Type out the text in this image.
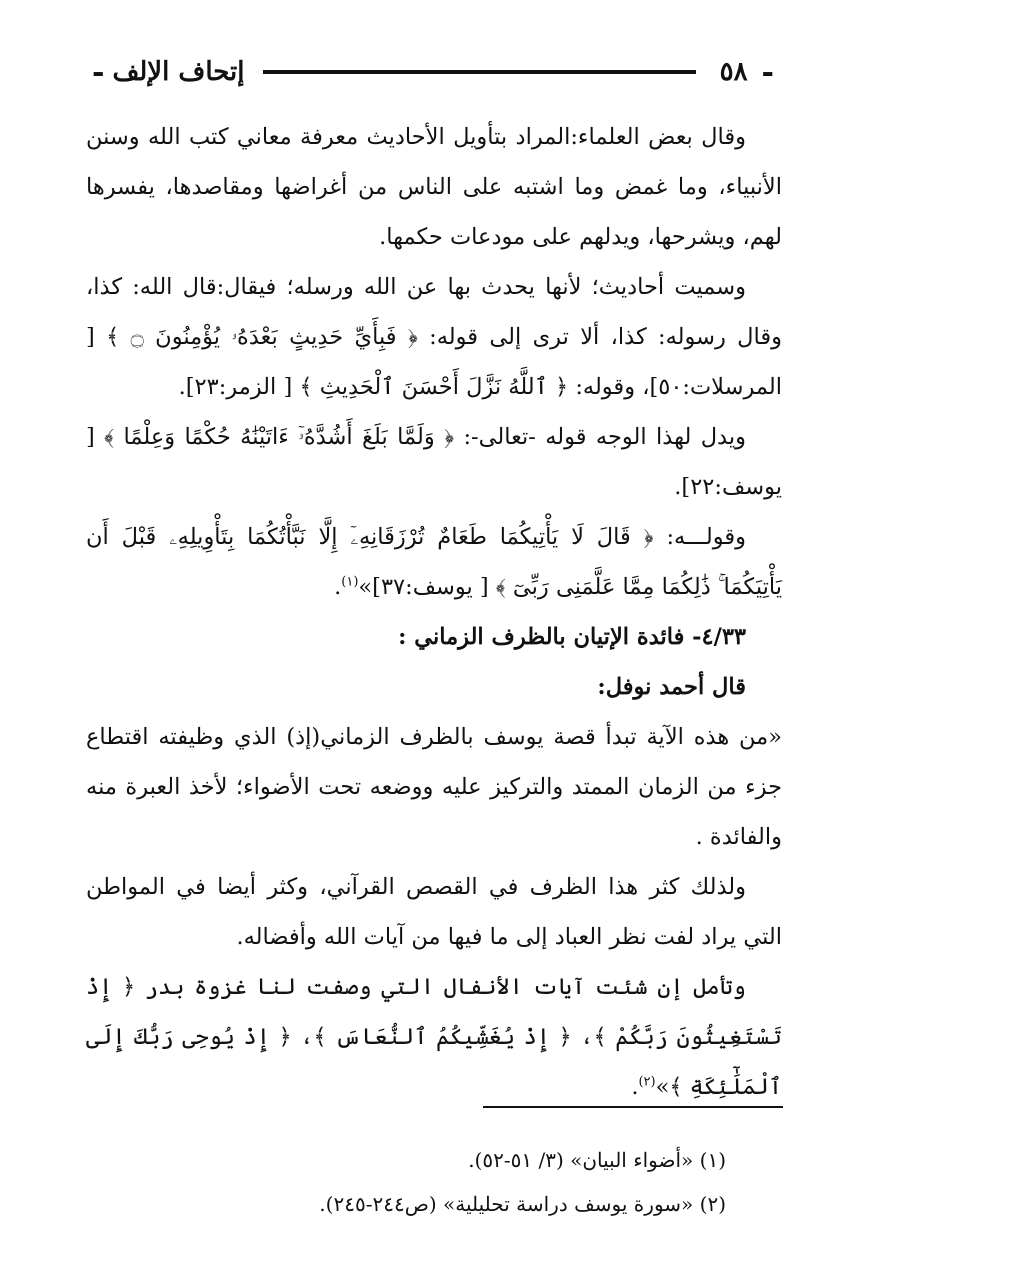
-
٥٨
إتحاف الإلف
-

وقال بعض العلماء:المراد بتأويل الأحاديث معرفة معاني كتب الله وسنن الأنبياء، وما غمض وما اشتبه على الناس من أغراضها ومقاصدها، يفسرها لهم، ويشرحها، ويدلهم على مودعات حكمها.

وسميت أحاديث؛ لأنها يحدث بها عن الله ورسله؛ فيقال:قال الله: كذا، وقال رسوله: كذا، ألا ترى إلى قوله: ﴿ فَبِأَيِّ حَدِيثٍ بَعْدَهُۥ يُؤْمِنُونَ ۝ ﴾ [ المرسلات:٥٠]، وقوله: ﴿ ٱللَّهُ نَزَّلَ أَحْسَنَ ٱلْحَدِيثِ ﴾ [ الزمر:٢٣].

ويدل لهذا الوجه قوله -تعالى-: ﴿ وَلَمَّا بَلَغَ أَشُدَّهُۥٓ ءَاتَيْنَٰهُ حُكْمًا وَعِلْمًا ﴾ [ يوسف:٢٢].

وقولـــه: ﴿ قَالَ لَا يَأْتِيكُمَا طَعَامٌ تُرْزَقَانِهِۦٓ إِلَّا نَبَّأْتُكُمَا بِتَأْوِيلِهِۦ قَبْلَ أَن يَأْتِيَكُمَا ۚ ذَٰلِكُمَا مِمَّا عَلَّمَنِى رَبِّىٓ ﴾ [ يوسف:٣٧]»$^{(١)}$.

٤/٣٣- فائدة الإتيان بالظرف الزماني :

قال أحمد نوفل:

«من هذه الآية تبدأ قصة يوسف بالظرف الزماني(إذ) الذي وظيفته اقتطاع جزء من الزمان الممتد والتركيز عليه ووضعه تحت الأضواء؛ لأخذ العبرة منه والفائدة .

ولذلك كثر هذا الظرف في القصص القرآني، وكثر أيضا في المواطن التي يراد لفت نظر العباد إلى ما فيها من آيات الله وأفضاله.

وتأمل إن شئت آيات الأنفال التي وصفت لنا غزوة بدر ﴿ إِذْ تَسْتَغِيثُونَ رَبَّكُمْ ﴾، ﴿ إِذْ يُغَشِّيكُمُ ٱلنُّعَاسَ ﴾، ﴿ إِذْ يُوحِى رَبُّكَ إِلَى ٱلْمَلَٰٓئِكَةِ ﴾»$^{(٢)}$.

(١) «أضواء البيان» (٣/ ٥١-٥٢).

(٢) «سورة يوسف دراسة تحليلية» (ص٢٤٤-٢٤٥).
